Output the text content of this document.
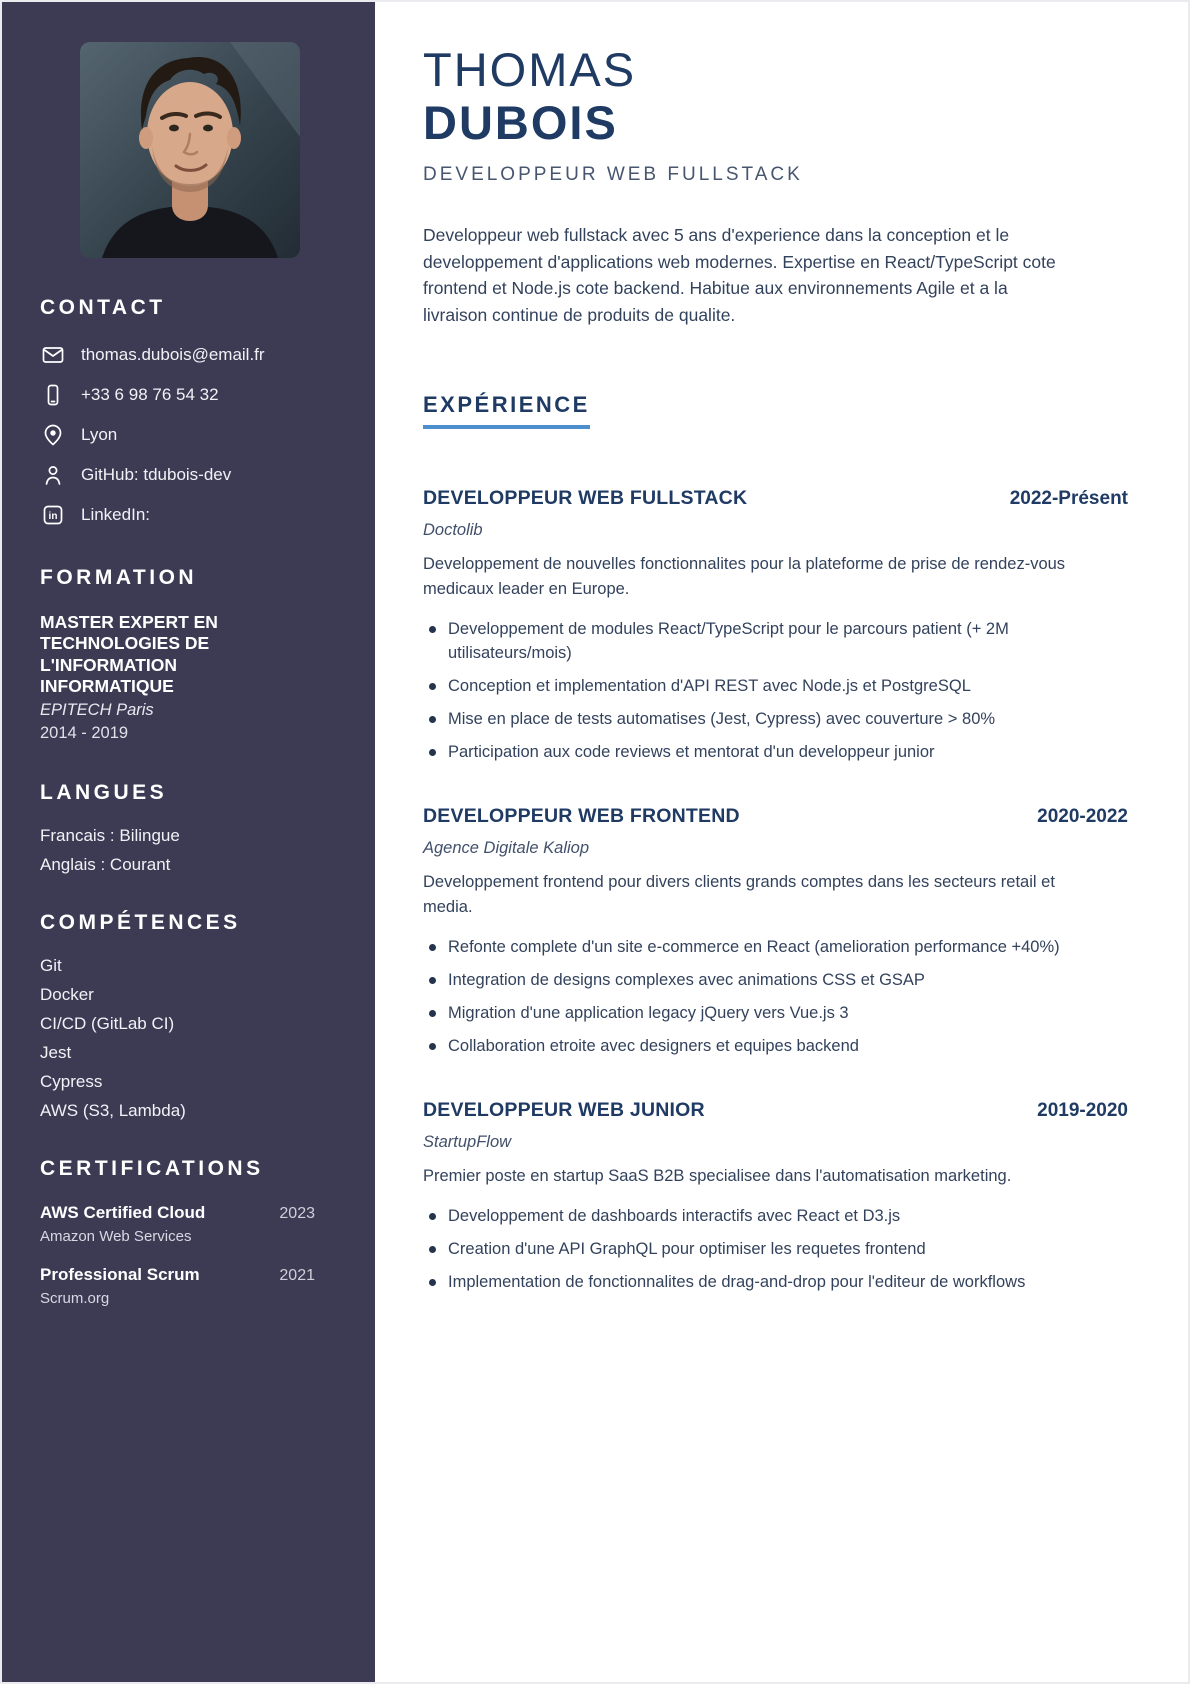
CONTACT
thomas.dubois@email.fr
+33 6 98 76 54 32
Lyon
GitHub: tdubois-dev
in LinkedIn:
FORMATION

MASTER EXPERT EN TECHNOLOGIES DE L'INFORMATION INFORMATIQUE

EPITECH Paris

2014 - 2019

LANGUES
Francais : Bilingue
Anglais : Courant
COMPÉTENCES
Git
Docker
CI/CD (GitLab CI)
Jest
Cypress
AWS (S3, Lambda)
CERTIFICATIONS
AWS Certified Cloud	2023
Amazon Web Services
Professional Scrum	2021
Scrum.org
THOMAS
DUBOIS
DEVELOPPEUR WEB FULLSTACK

Developpeur web fullstack avec 5 ans d'experience dans la conception et le developpement d'applications web modernes. Expertise en React/TypeScript cote frontend et Node.js cote backend. Habitue aux environnements Agile et a la livraison continue de produits de qualite.

EXPÉRIENCE
DEVELOPPEUR WEB FULLSTACK	2022-Présent
Doctolib

Developpement de nouvelles fonctionnalites pour la plateforme de prise de rendez-vous medicaux leader en Europe.

Developpement de modules React/TypeScript pour le parcours patient (+ 2M utilisateurs/mois)
Conception et implementation d'API REST avec Node.js et PostgreSQL
Mise en place de tests automatises (Jest, Cypress) avec couverture > 80%
Participation aux code reviews et mentorat d'un developpeur junior
DEVELOPPEUR WEB FRONTEND	2020-2022
Agence Digitale Kaliop

Developpement frontend pour divers clients grands comptes dans les secteurs retail et media.

Refonte complete d'un site e-commerce en React (amelioration performance +40%)
Integration de designs complexes avec animations CSS et GSAP
Migration d'une application legacy jQuery vers Vue.js 3
Collaboration etroite avec designers et equipes backend
DEVELOPPEUR WEB JUNIOR	2019-2020
StartupFlow

Premier poste en startup SaaS B2B specialisee dans l'automatisation marketing.

Developpement de dashboards interactifs avec React et D3.js
Creation d'une API GraphQL pour optimiser les requetes frontend
Implementation de fonctionnalites de drag-and-drop pour l'editeur de workflows
